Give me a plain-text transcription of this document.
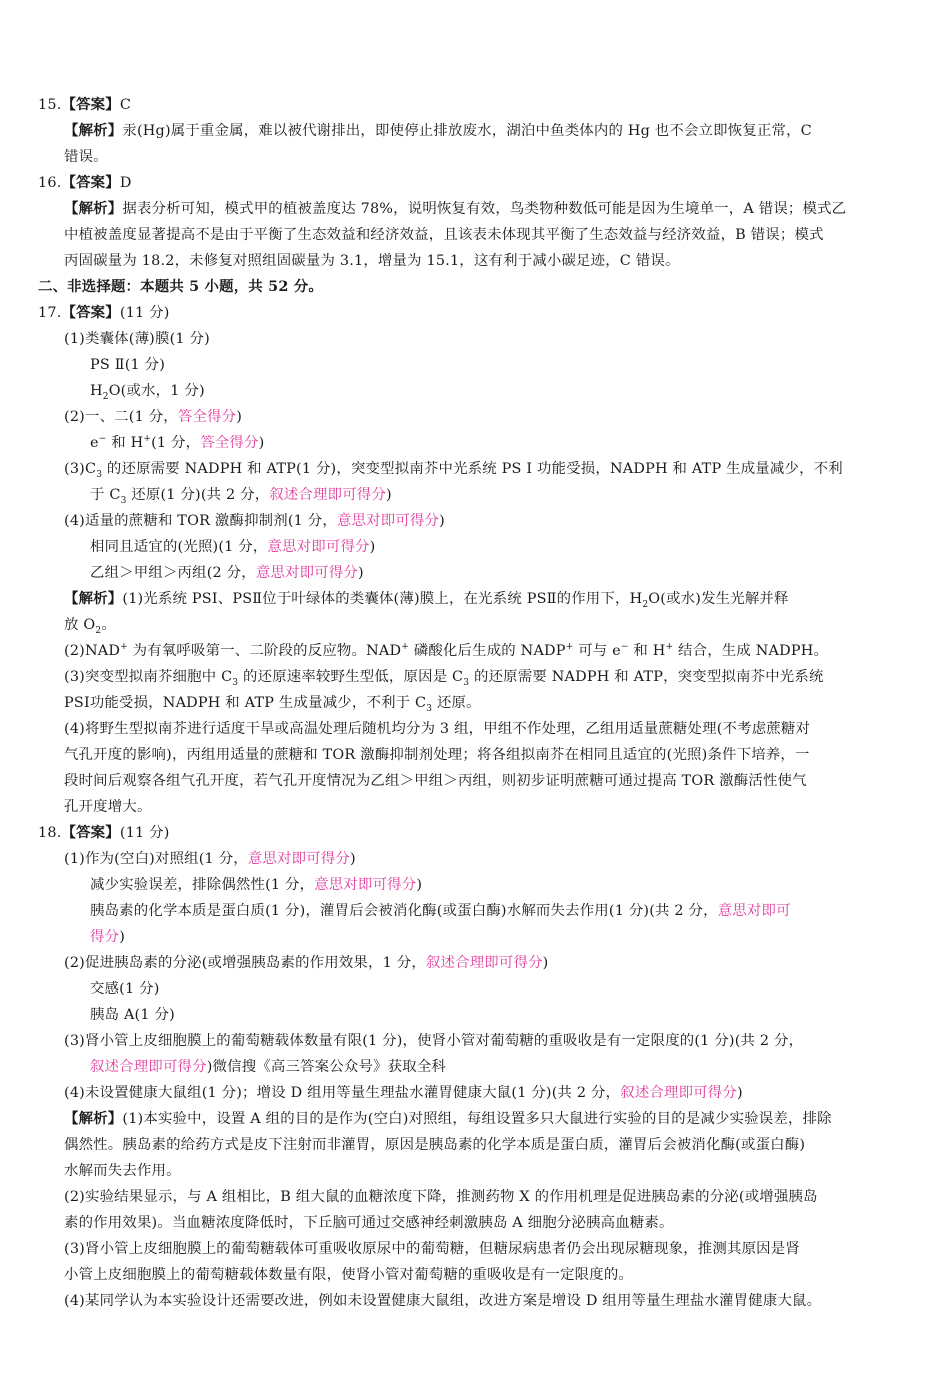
15.【答案】C
【解析】汞(Hg)属于重金属，难以被代谢排出，即使停止排放废水，湖泊中鱼类体内的 Hg 也不会立即恢复正常，C
错误。
16.【答案】D
【解析】据表分析可知，模式甲的植被盖度达 78%，说明恢复有效，鸟类物种数低可能是因为生境单一，A 错误；模式乙
中植被盖度显著提高不是由于平衡了生态效益和经济效益，且该表未体现其平衡了生态效益与经济效益，B 错误；模式
丙固碳量为 18.2，未修复对照组固碳量为 3.1，增量为 15.1，这有利于减小碳足迹，C 错误。
二、非选择题：本题共 5 小题，共 52 分。
17.【答案】(11 分)
(1)类囊体(薄)膜(1 分)
PS Ⅱ(1 分)
$H_2O$(或水，1 分)
(2)一、二(1 分，答全得分)
e− 和 H+(1 分，答全得分)
$(3)C_3$ 的还原需要 NADPH 和 ATP(1 分)，突变型拟南芥中光系统 PS Ⅰ 功能受损，NADPH 和 ATP 生成量减少，不利
于 $C_3$ 还原(1 分)(共 2 分，叙述合理即可得分)
(4)适量的蔗糖和 TOR 激酶抑制剂(1 分，意思对即可得分)
相同且适宜的(光照)(1 分，意思对即可得分)
乙组＞甲组＞丙组(2 分，意思对即可得分)
【解析】(1)光系统 PSⅠ、PSⅡ位于叶绿体的类囊体(薄)膜上，在光系统 PSⅡ的作用下，$H_2O$(或水)发生光解并释
放 $O_2$。
(2)NAD+ 为有氧呼吸第一、二阶段的反应物。NAD+ 磷酸化后生成的 NADP+ 可与 e− 和 H+ 结合，生成 NADPH。
(3)突变型拟南芥细胞中 $C_3$ 的还原速率较野生型低，原因是 $C_3$ 的还原需要 NADPH 和 ATP，突变型拟南芥中光系统
PSⅠ功能受损，NADPH 和 ATP 生成量减少，不利于 $C_3$ 还原。
(4)将野生型拟南芥进行适度干旱或高温处理后随机均分为 3 组，甲组不作处理，乙组用适量蔗糖处理(不考虑蔗糖对
气孔开度的影响)，丙组用适量的蔗糖和 TOR 激酶抑制剂处理；将各组拟南芥在相同且适宜的(光照)条件下培养，一
段时间后观察各组气孔开度，若气孔开度情况为乙组＞甲组＞丙组，则初步证明蔗糖可通过提高 TOR 激酶活性使气
孔开度增大。
18.【答案】(11 分)
(1)作为(空白)对照组(1 分，意思对即可得分)
减少实验误差，排除偶然性(1 分，意思对即可得分)
胰岛素的化学本质是蛋白质(1 分)，灌胃后会被消化酶(或蛋白酶)水解而失去作用(1 分)(共 2 分，意思对即可
得分)
(2)促进胰岛素的分泌(或增强胰岛素的作用效果，1 分，叙述合理即可得分)
交感(1 分)
胰岛 A(1 分)
(3)肾小管上皮细胞膜上的葡萄糖载体数量有限(1 分)，使肾小管对葡萄糖的重吸收是有一定限度的(1 分)(共 2 分，
叙述合理即可得分)微信搜《高三答案公众号》获取全科
(4)未设置健康大鼠组(1 分)；增设 D 组用等量生理盐水灌胃健康大鼠(1 分)(共 2 分，叙述合理即可得分)
【解析】(1)本实验中，设置 A 组的目的是作为(空白)对照组，每组设置多只大鼠进行实验的目的是减少实验误差，排除
偶然性。胰岛素的给药方式是皮下注射而非灌胃，原因是胰岛素的化学本质是蛋白质，灌胃后会被消化酶(或蛋白酶)
水解而失去作用。
(2)实验结果显示，与 A 组相比，B 组大鼠的血糖浓度下降，推测药物 X 的作用机理是促进胰岛素的分泌(或增强胰岛
素的作用效果)。当血糖浓度降低时，下丘脑可通过交感神经刺激胰岛 A 细胞分泌胰高血糖素。
(3)肾小管上皮细胞膜上的葡萄糖载体可重吸收原尿中的葡萄糖，但糖尿病患者仍会出现尿糖现象，推测其原因是肾
小管上皮细胞膜上的葡萄糖载体数量有限，使肾小管对葡萄糖的重吸收是有一定限度的。
(4)某同学认为本实验设计还需要改进，例如未设置健康大鼠组，改进方案是增设 D 组用等量生理盐水灌胃健康大鼠。
